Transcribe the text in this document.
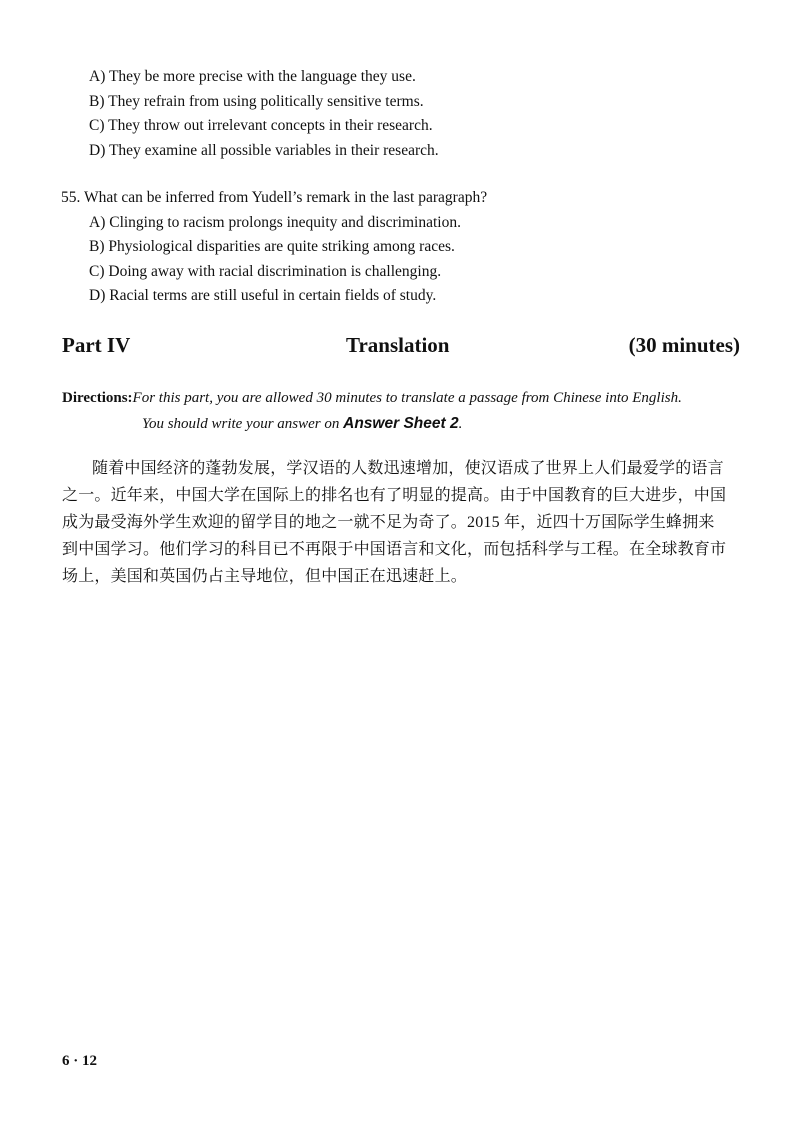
A) They be more precise with the language they use.
B) They refrain from using politically sensitive terms.
C) They throw out irrelevant concepts in their research.
D) They examine all possible variables in their research.
55. What can be inferred from Yudell’s remark in the last paragraph?
A) Clinging to racism prolongs inequity and discrimination.
B) Physiological disparities are quite striking among races.
C) Doing away with racial discrimination is challenging.
D) Racial terms are still useful in certain fields of study.
Part IV	Translation	(30 minutes)
Directions:For this part, you are allowed 30 minutes to translate a passage from Chinese into English.
You should write your answer on Answer Sheet 2.
随着中国经济的蓬勃发展，学汉语的人数迅速增加，使汉语成了世界上人们最爱学的语言
之一。近年来，中国大学在国际上的排名也有了明显的提高。由于中国教育的巨大进步，中国
成为最受海外学生欢迎的留学目的地之一就不足为奇了。2015 年，近四十万国际学生蜂拥来
到中国学习。他们学习的科目已不再限于中国语言和文化，而包括科学与工程。在全球教育市
场上，美国和英国仍占主导地位，但中国正在迅速赶上。
6 · 12
